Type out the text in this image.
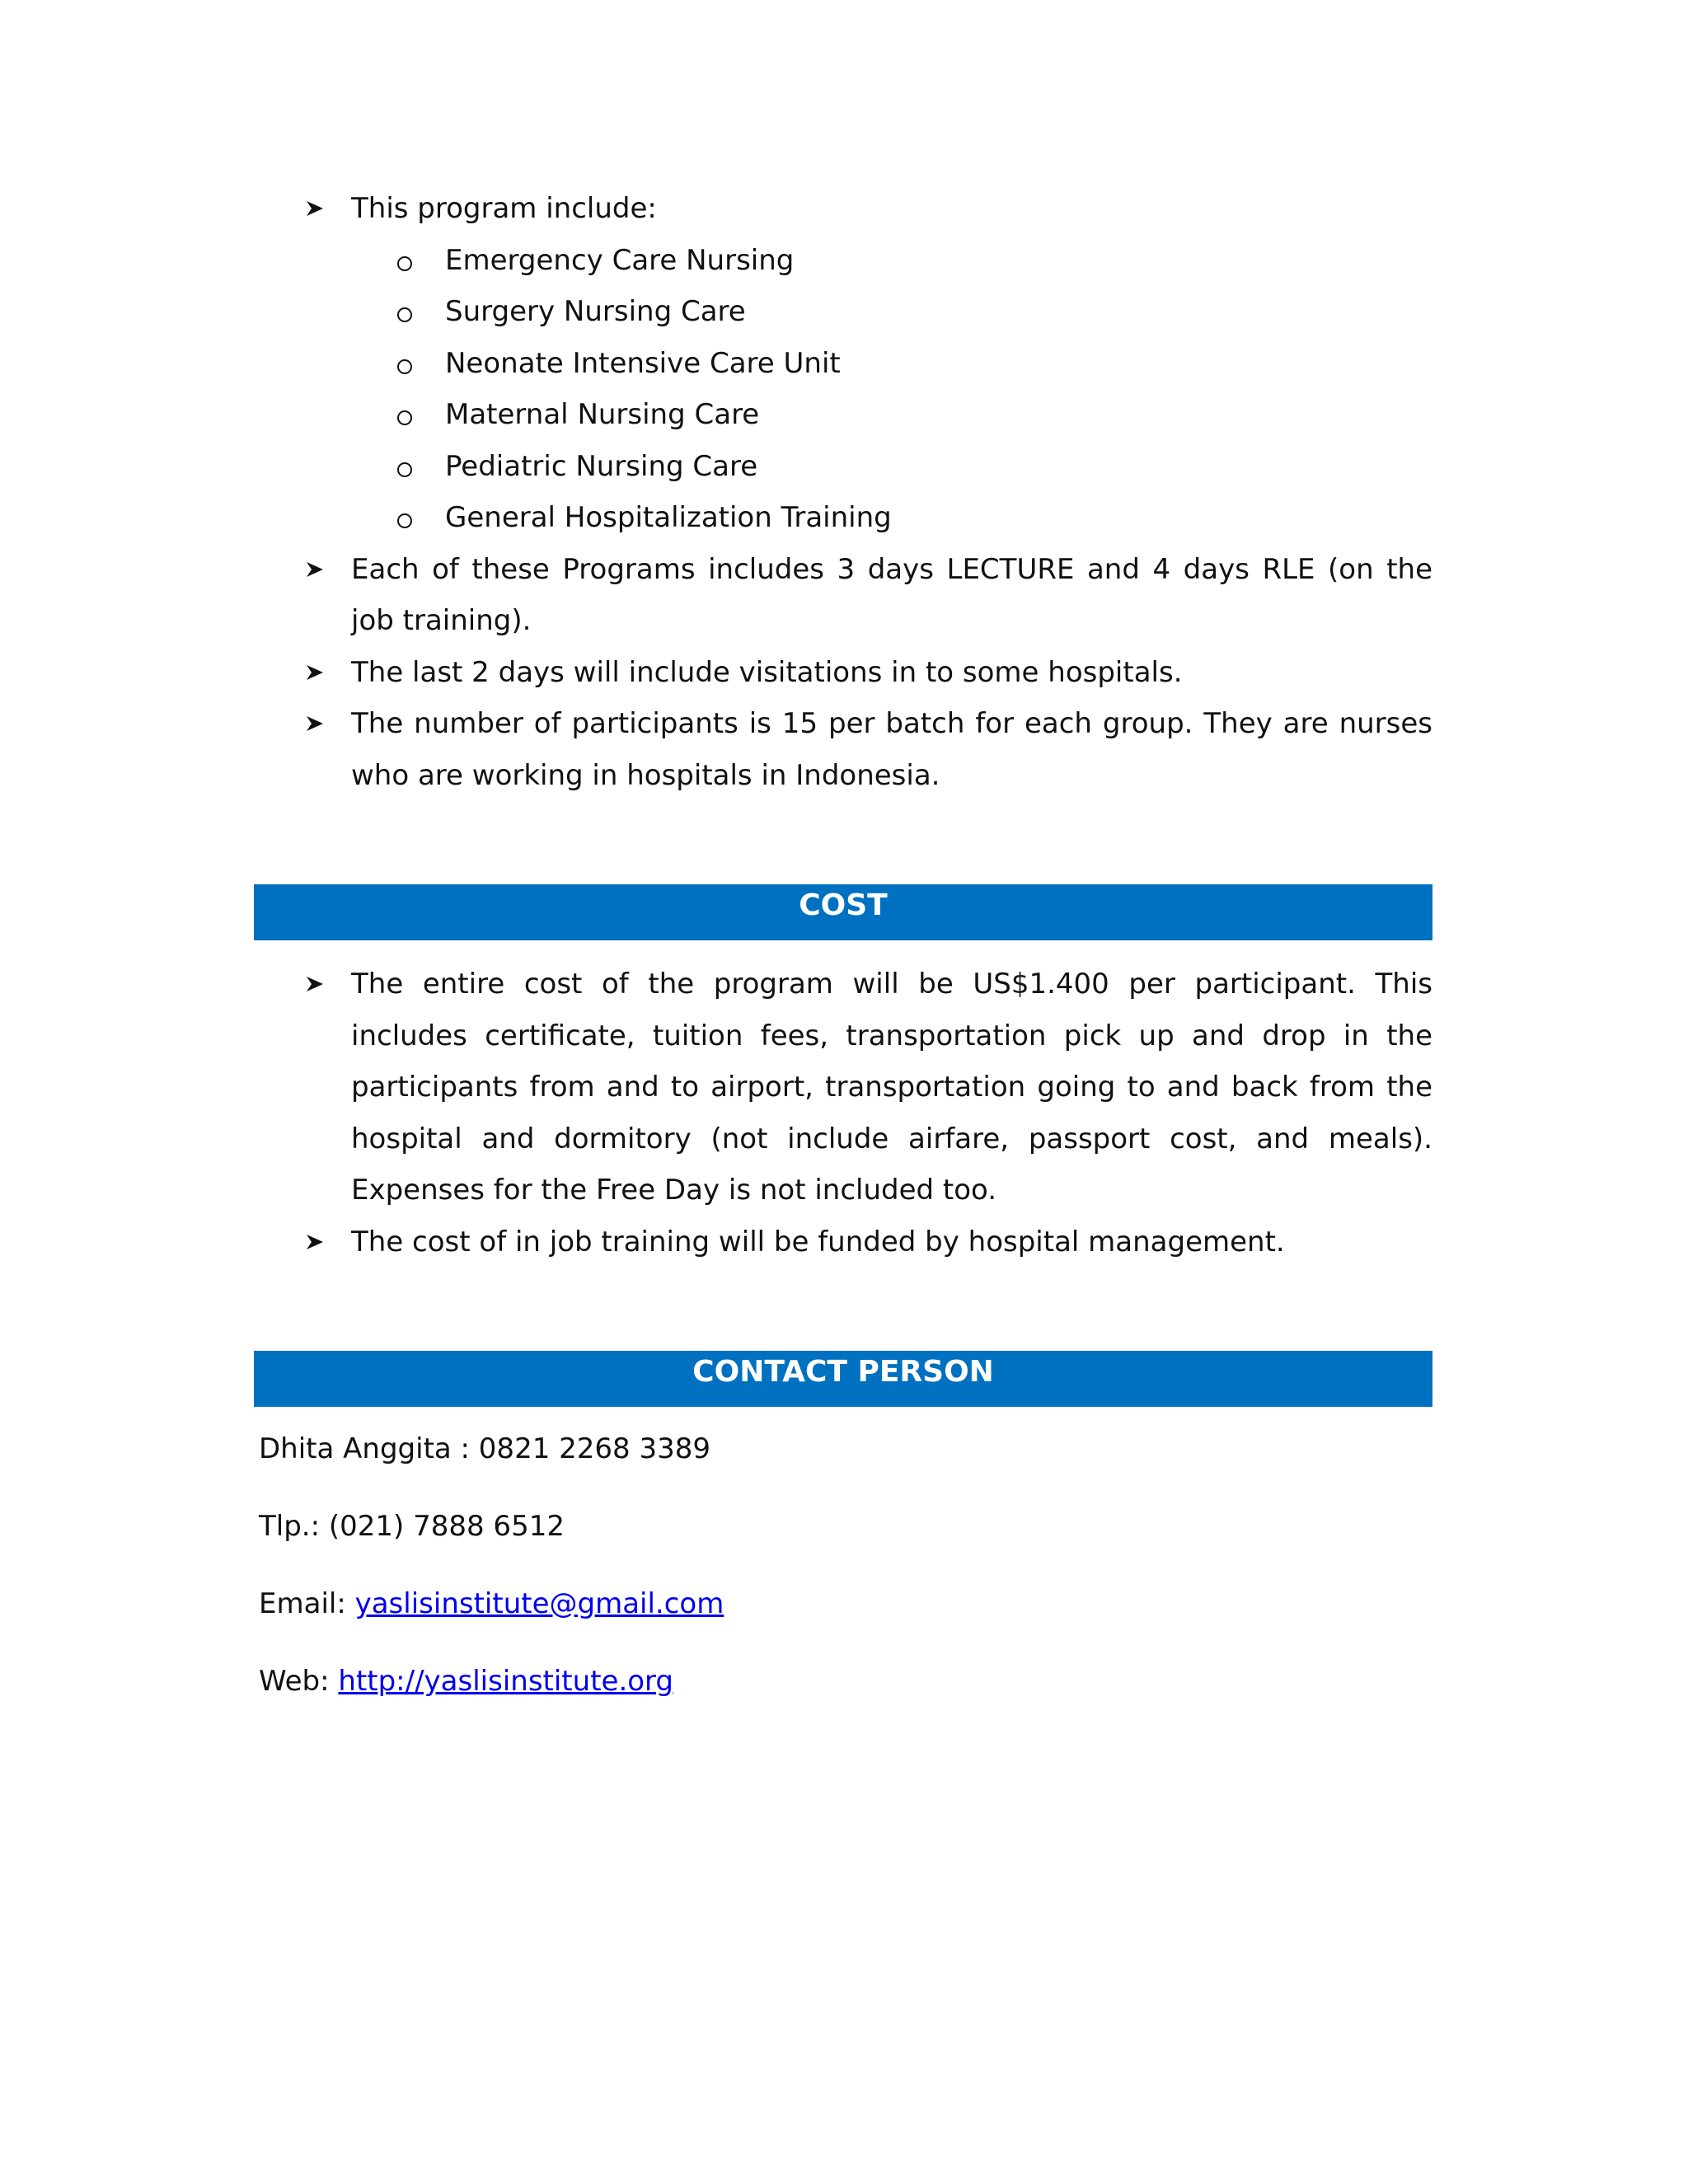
This program include:
Emergency Care Nursing
Surgery Nursing Care
Neonate Intensive Care Unit
Maternal Nursing Care
Pediatric Nursing Care
General Hospitalization Training
Each of these Programs includes 3 days LECTURE and 4 days RLE (on the job training).
The last 2 days will include visitations in to some hospitals.
The number of participants is 15 per batch for each group. They are nurses who are working in hospitals in Indonesia.
COST
The entire cost of the program will be US$1.400 per participant. This includes certificate, tuition fees, transportation pick up and drop in the participants from and to airport, transportation going to and back from the hospital and dormitory (not include airfare, passport cost, and meals). Expenses for the Free Day is not included too.
The cost of in job training will be funded by hospital management.
CONTACT PERSON
Dhita Anggita : 0821 2268 3389
Tlp.: (021) 7888 6512
Email: yaslisinstitute@gmail.com
Web: http://yaslisinstitute.org
